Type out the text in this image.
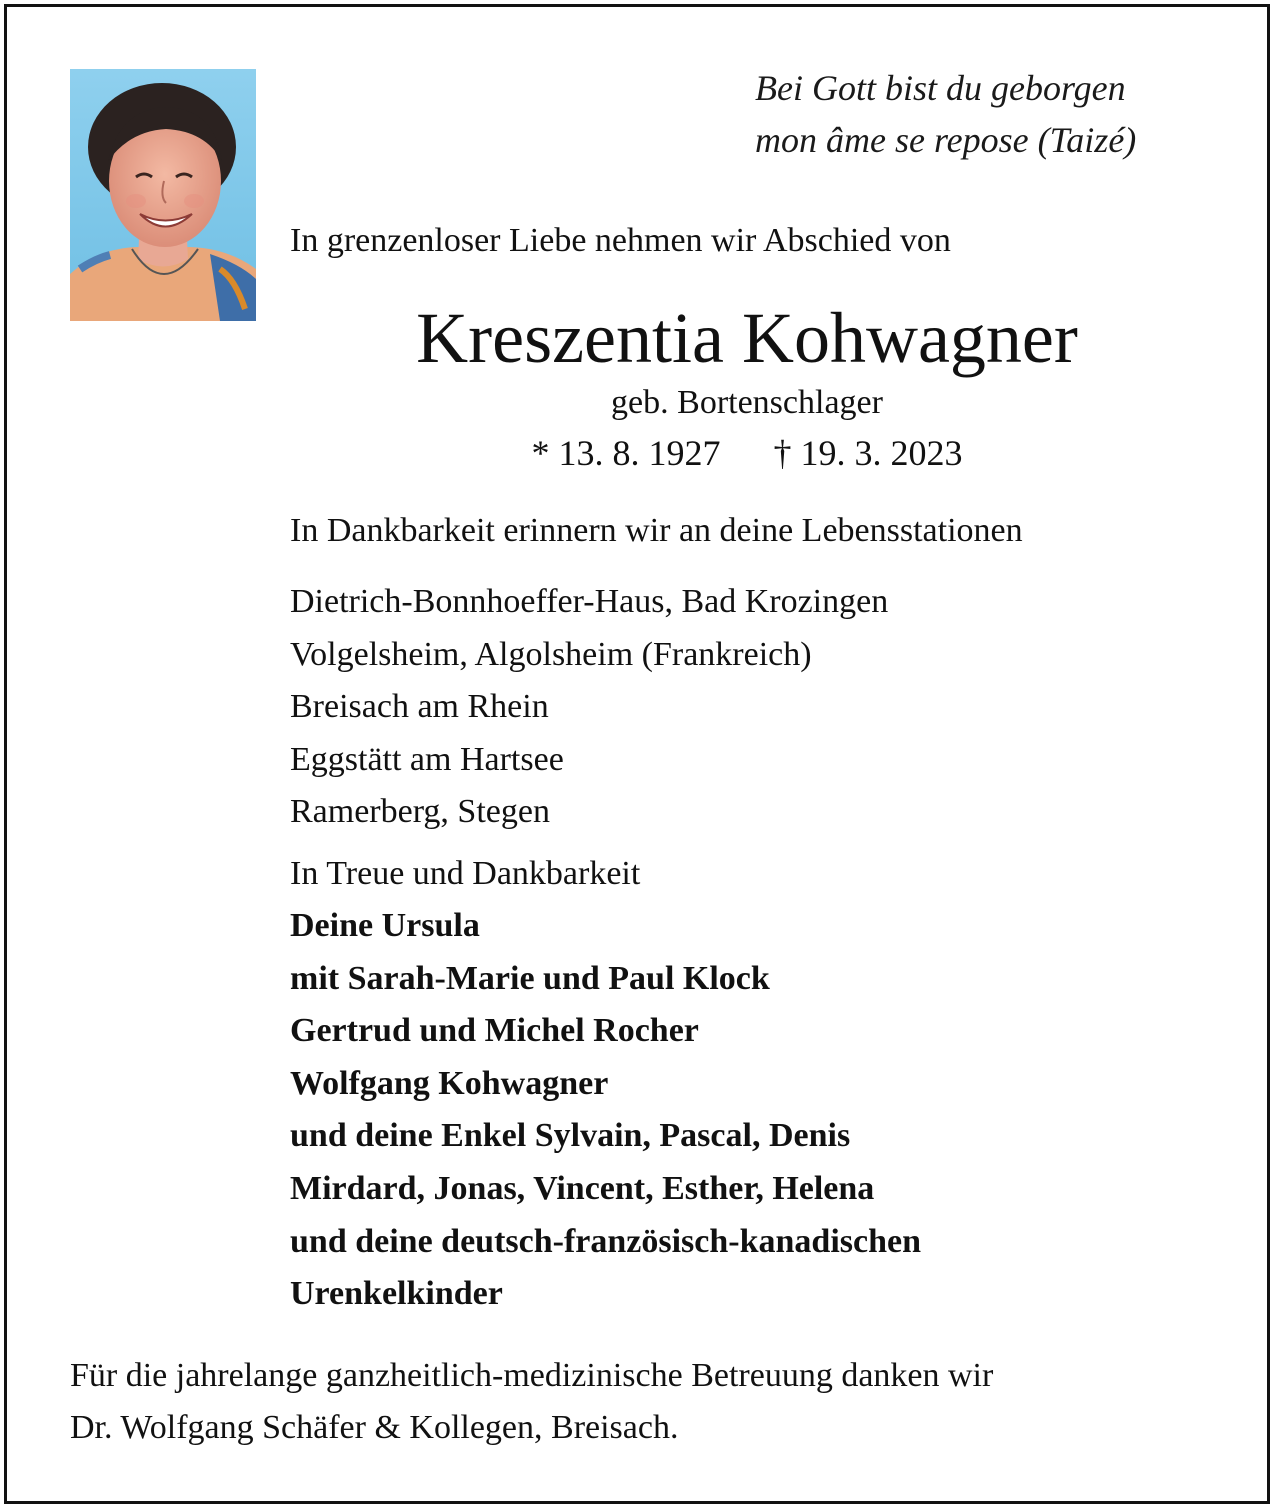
Bei Gott bist du geborgen
mon âme se repose (Taizé)
In grenzenloser Liebe nehmen wir Abschied von
Kreszentia Kohwagner
geb. Bortenschlager
* 13. 8. 1927 † 19. 3. 2023
In Dankbarkeit erinnern wir an deine Lebensstationen
Dietrich-Bonnhoeffer-Haus, Bad Krozingen
Volgelsheim, Algolsheim (Frankreich)
Breisach am Rhein
Eggstätt am Hartsee
Ramerberg, Stegen
In Treue und Dankbarkeit
Deine Ursula
mit Sarah-Marie und Paul Klock
Gertrud und Michel Rocher
Wolfgang Kohwagner
und deine Enkel Sylvain, Pascal, Denis
Mirdard, Jonas, Vincent, Esther, Helena
und deine deutsch-französisch-kanadischen
Urenkelkinder
Für die jahrelange ganzheitlich-medizinische Betreuung danken wir
Dr. Wolfgang Schäfer & Kollegen, Breisach.
